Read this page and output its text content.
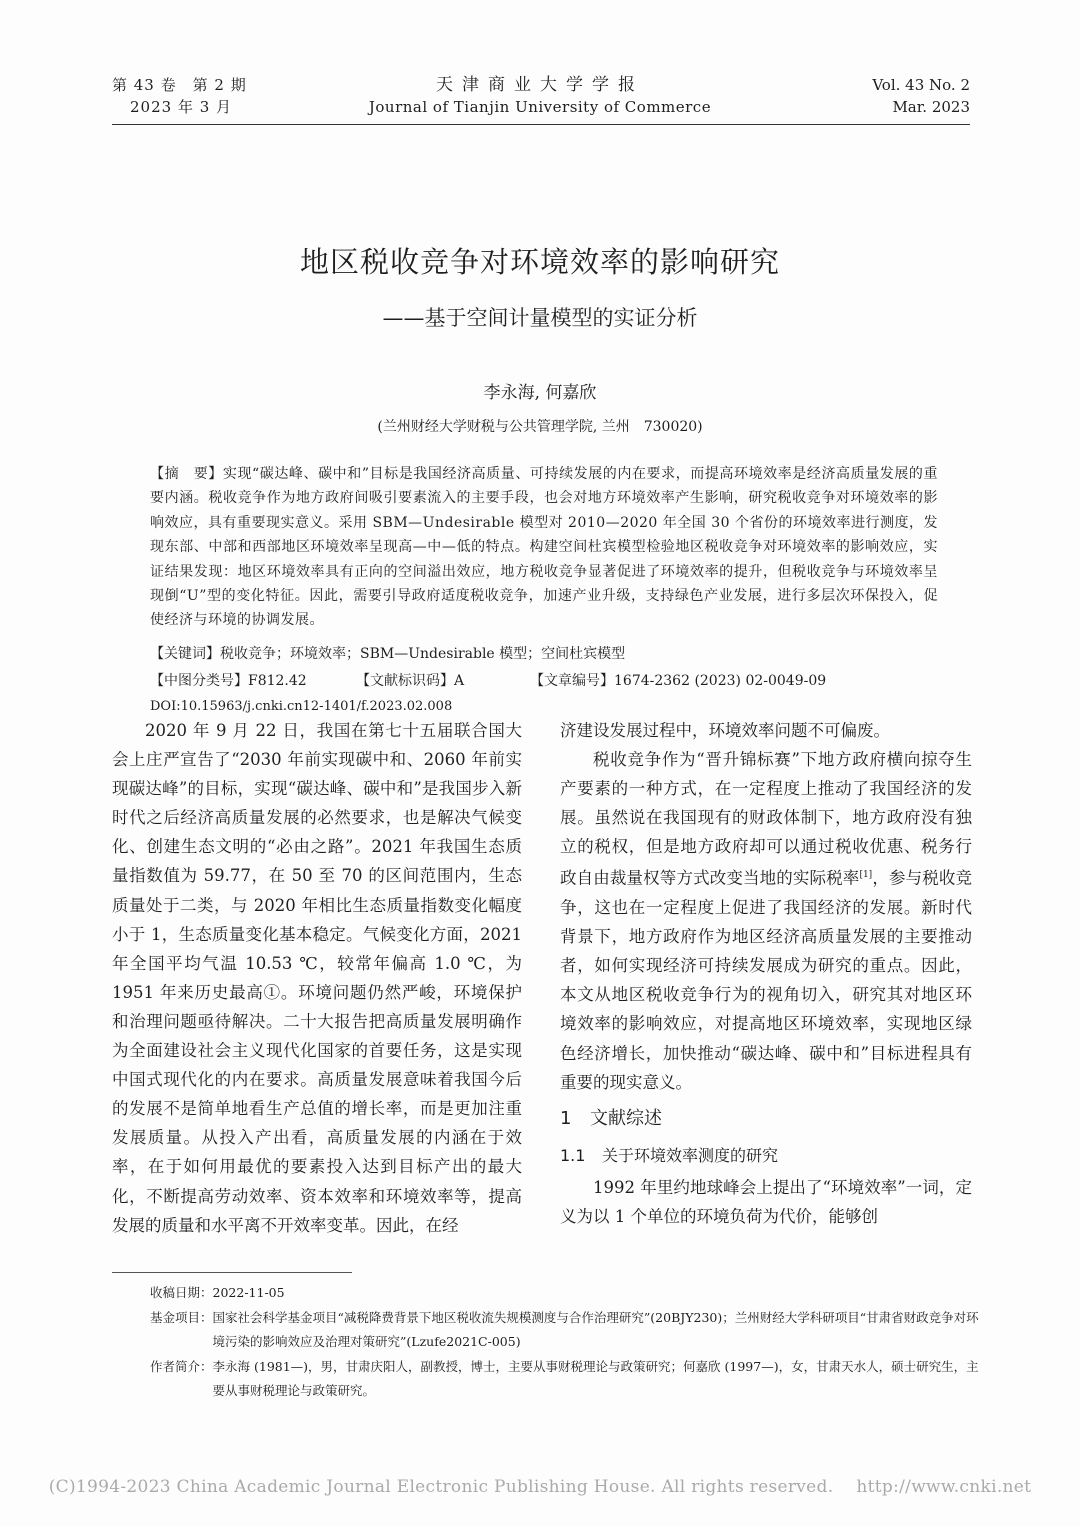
第 43 卷　第 2 期
2023 年 3 月
天津商业大学学报
Journal of Tianjin University of Commerce
Vol. 43 No. 2
Mar. 2023
地区税收竞争对环境效率的影响研究
——基于空间计量模型的实证分析
李永海, 何嘉欣
(兰州财经大学财税与公共管理学院, 兰州　730020)
【摘　要】实现“碳达峰、碳中和”目标是我国经济高质量、可持续发展的内在要求，而提高环境效率是经济高质量发展的重要内涵。税收竞争作为地方政府间吸引要素流入的主要手段，也会对地方环境效率产生影响，研究税收竞争对环境效率的影响效应，具有重要现实意义。采用 SBM—Undesirable 模型对 2010—2020 年全国 30 个省份的环境效率进行测度，发现东部、中部和西部地区环境效率呈现高—中—低的特点。构建空间杜宾模型检验地区税收竞争对环境效率的影响效应，实证结果发现：地区环境效率具有正向的空间溢出效应，地方税收竞争显著促进了环境效率的提升，但税收竞争与环境效率呈现倒“U”型的变化特征。因此，需要引导政府适度税收竞争，加速产业升级，支持绿色产业发展，进行多层次环保投入，促使经济与环境的协调发展。
【关键词】税收竞争；环境效率；SBM—Undesirable 模型；空间杜宾模型
【中图分类号】F812.42	【文献标识码】A	【文章编号】1674-2362 (2023) 02-0049-09
DOI:10.15963/j.cnki.cn12-1401/f.2023.02.008

2020 年 9 月 22 日，我国在第七十五届联合国大会上庄严宣告了“2030 年前实现碳中和、2060 年前实现碳达峰”的目标，实现“碳达峰、碳中和”是我国步入新时代之后经济高质量发展的必然要求，也是解决气候变化、创建生态文明的“必由之路”。2021 年我国生态质量指数值为 59.77，在 50 至 70 的区间范围内，生态质量处于二类，与 2020 年相比生态质量指数变化幅度小于 1，生态质量变化基本稳定。气候变化方面，2021 年全国平均气温 10.53 ℃，较常年偏高 1.0 ℃，为 1951 年来历史最高①。环境问题仍然严峻，环境保护和治理问题亟待解决。二十大报告把高质量发展明确作为全面建设社会主义现代化国家的首要任务，这是实现中国式现代化的内在要求。高质量发展意味着我国今后的发展不是简单地看生产总值的增长率，而是更加注重发展质量。从投入产出看，高质量发展的内涵在于效率，在于如何用最优的要素投入达到目标产出的最大化，不断提高劳动效率、资本效率和环境效率等，提高发展的质量和水平离不开效率变革。因此，在经

济建设发展过程中，环境效率问题不可偏废。

税收竞争作为“晋升锦标赛”下地方政府横向掠夺生产要素的一种方式，在一定程度上推动了我国经济的发展。虽然说在我国现有的财政体制下，地方政府没有独立的税权，但是地方政府却可以通过税收优惠、税务行政自由裁量权等方式改变当地的实际税率[1]，参与税收竞争，这也在一定程度上促进了我国经济的发展。新时代背景下，地方政府作为地区经济高质量发展的主要推动者，如何实现经济可持续发展成为研究的重点。因此，本文从地区税收竞争行为的视角切入，研究其对地区环境效率的影响效应，对提高地区环境效率，实现地区绿色经济增长，加快推动“碳达峰、碳中和”目标进程具有重要的现实意义。

1 文献综述
1.1 关于环境效率测度的研究

1992 年里约地球峰会上提出了“环境效率”一词，定义为以 1 个单位的环境负荷为代价，能够创

收稿日期： 2022-11-05
基金项目： 国家社会科学基金项目“减税降费背景下地区税收流失规模测度与合作治理研究”(20BJY230)；兰州财经大学科研项目“甘肃省财政竞争对环境污染的影响效应及治理对策研究”(Lzufe2021C-005)
作者简介： 李永海 (1981—)，男，甘肃庆阳人，副教授，博士，主要从事财税理论与政策研究；何嘉欣 (1997—)，女，甘肃天水人，硕士研究生，主要从事财税理论与政策研究。
(C)1994-2023 China Academic Journal Electronic Publishing House. All rights reserved.　 http://www.cnki.net
